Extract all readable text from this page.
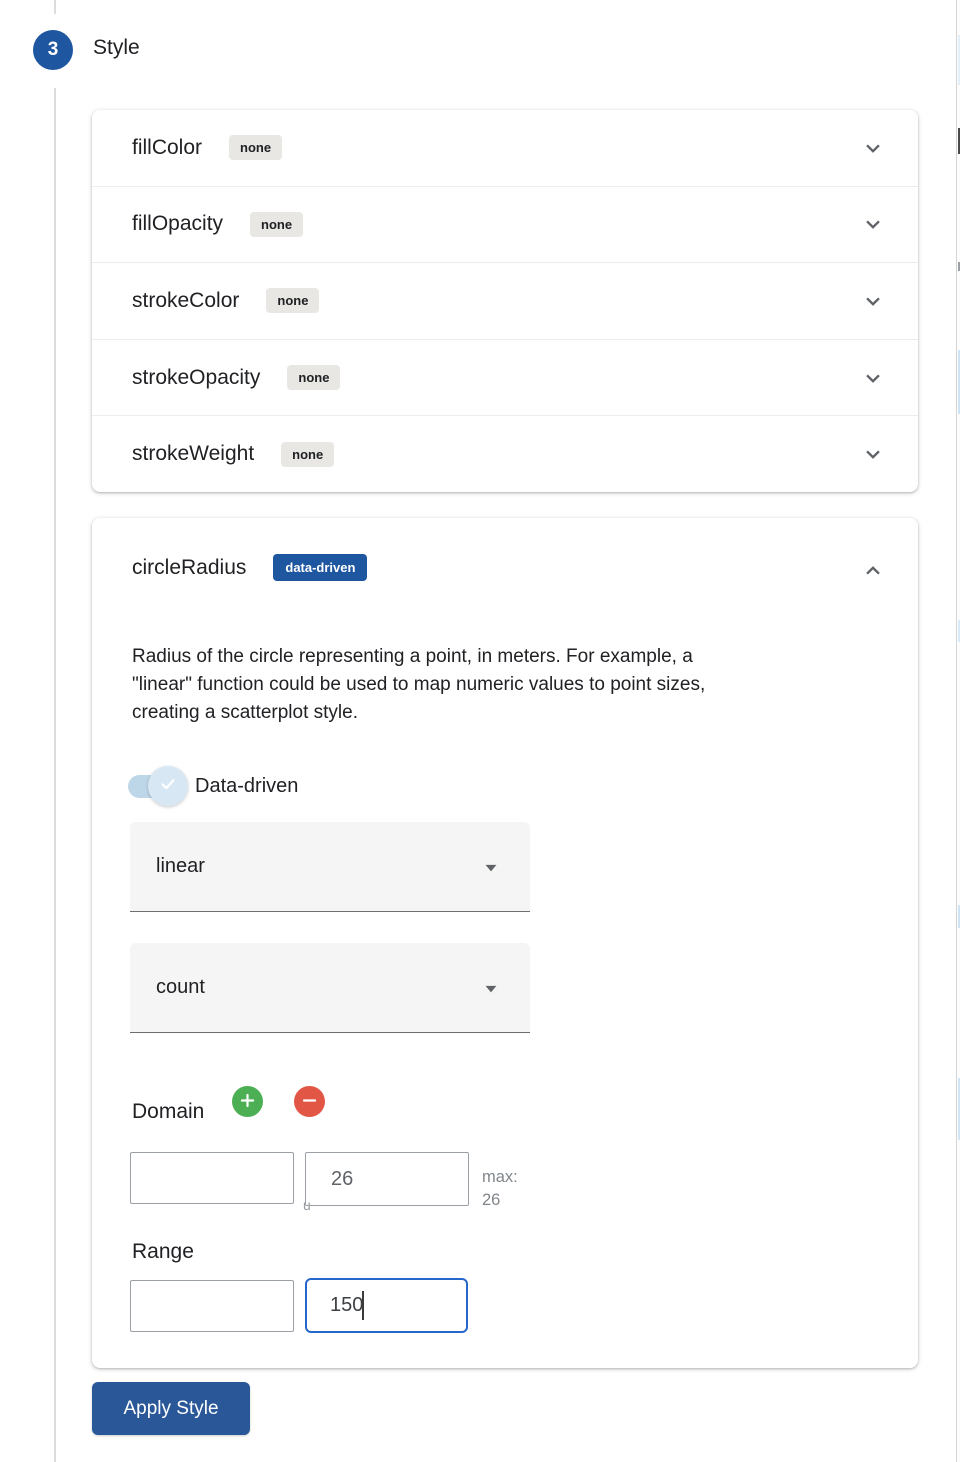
3	Style
fillColor	none
fillOpacity	none
strokeColor	none
strokeOpacity	none
strokeWeight	none
circleRadius	data-driven
Radius of the circle representing a point, in meters. For example, a
"linear" function could be used to map numeric values to point sizes,
creating a scatterplot style.
Data-driven
linear
count
Domain
26
max:
26
u
Range
150
Apply Style
